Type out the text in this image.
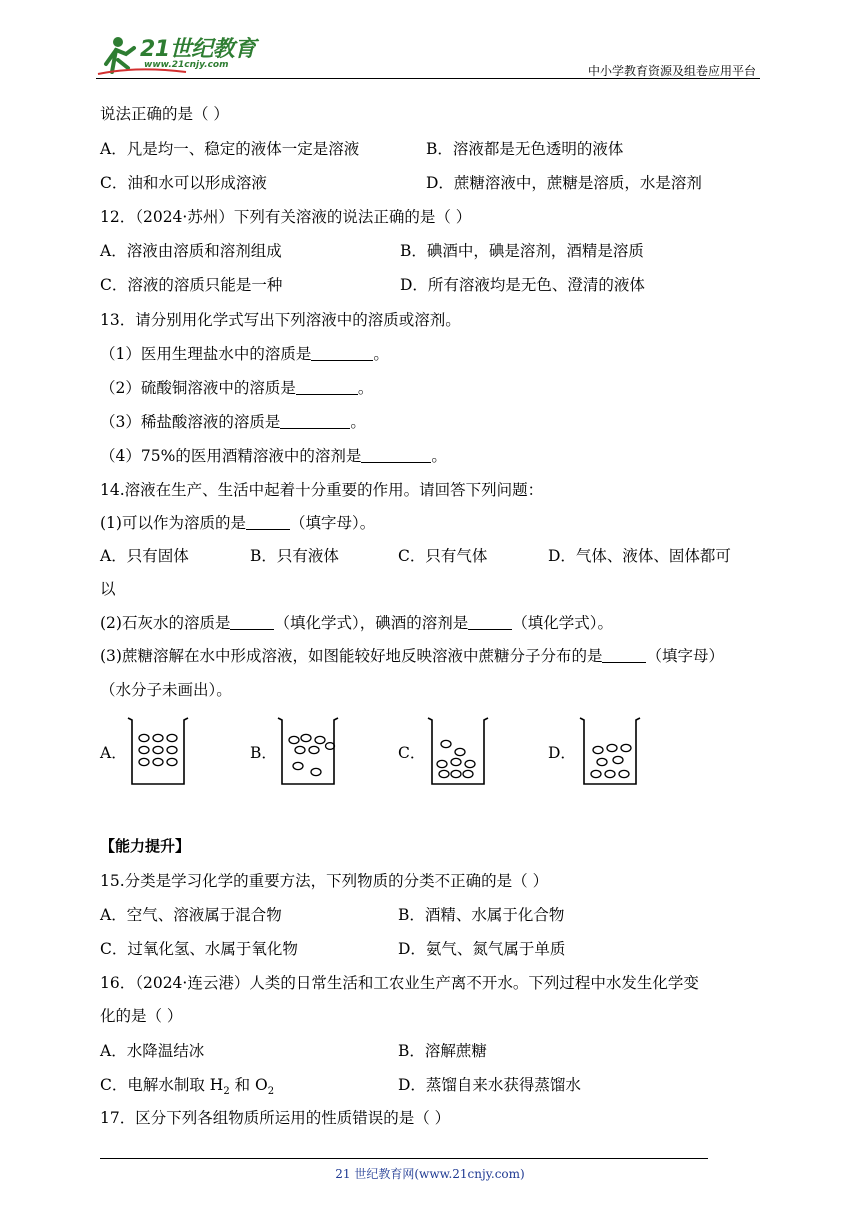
21世纪教育
www.21cnjy.com	中小学教育资源及组卷应用平台
说法正确的是（ ）
A．凡是均一、稳定的液体一定是溶液	B．溶液都是无色透明的液体
C．油和水可以形成溶液	D．蔗糖溶液中，蔗糖是溶质，水是溶剂
12．（2024·苏州）下列有关溶液的说法正确的是（ ）
A．溶液由溶质和溶剂组成	B．碘酒中，碘是溶剂，酒精是溶质
C．溶液的溶质只能是一种	D．所有溶液均是无色、澄清的液体
13．请分别用化学式写出下列溶液中的溶质或溶剂。
（1）医用生理盐水中的溶质是	。
（2）硫酸铜溶液中的溶质是	。
（3）稀盐酸溶液的溶质是	。
（4）75%的医用酒精溶液中的溶剂是	。
14.溶液在生产、生活中起着十分重要的作用。请回答下列问题：
(1)可以作为溶质的是	（填字母）。
A．只有固体	B．只有液体	C．只有气体	D．气体、液体、固体都可
以
(2)石灰水的溶质是	（填化学式），碘酒的溶剂是	（填化学式）。
(3)蔗糖溶解在水中形成溶液，如图能较好地反映溶液中蔗糖分子分布的是	（填字母）
（水分子未画出）。
A．	B．	C．	D．
【能力提升】
15.分类是学习化学的重要方法，下列物质的分类不正确的是（ ）
A．空气、溶液属于混合物	B．酒精、水属于化合物
C．过氧化氢、水属于氧化物	D．氨气、氮气属于单质
16．（2024·连云港）人类的日常生活和工农业生产离不开水。下列过程中水发生化学变
化的是（ ）
A．水降温结冰	B．溶解蔗糖
C．电解水制取 $H_2$ 和 $O_2$	D．蒸馏自来水获得蒸馏水
17．区分下列各组物质所运用的性质错误的是（ ）
21 世纪教育网(www.21cnjy.com)
